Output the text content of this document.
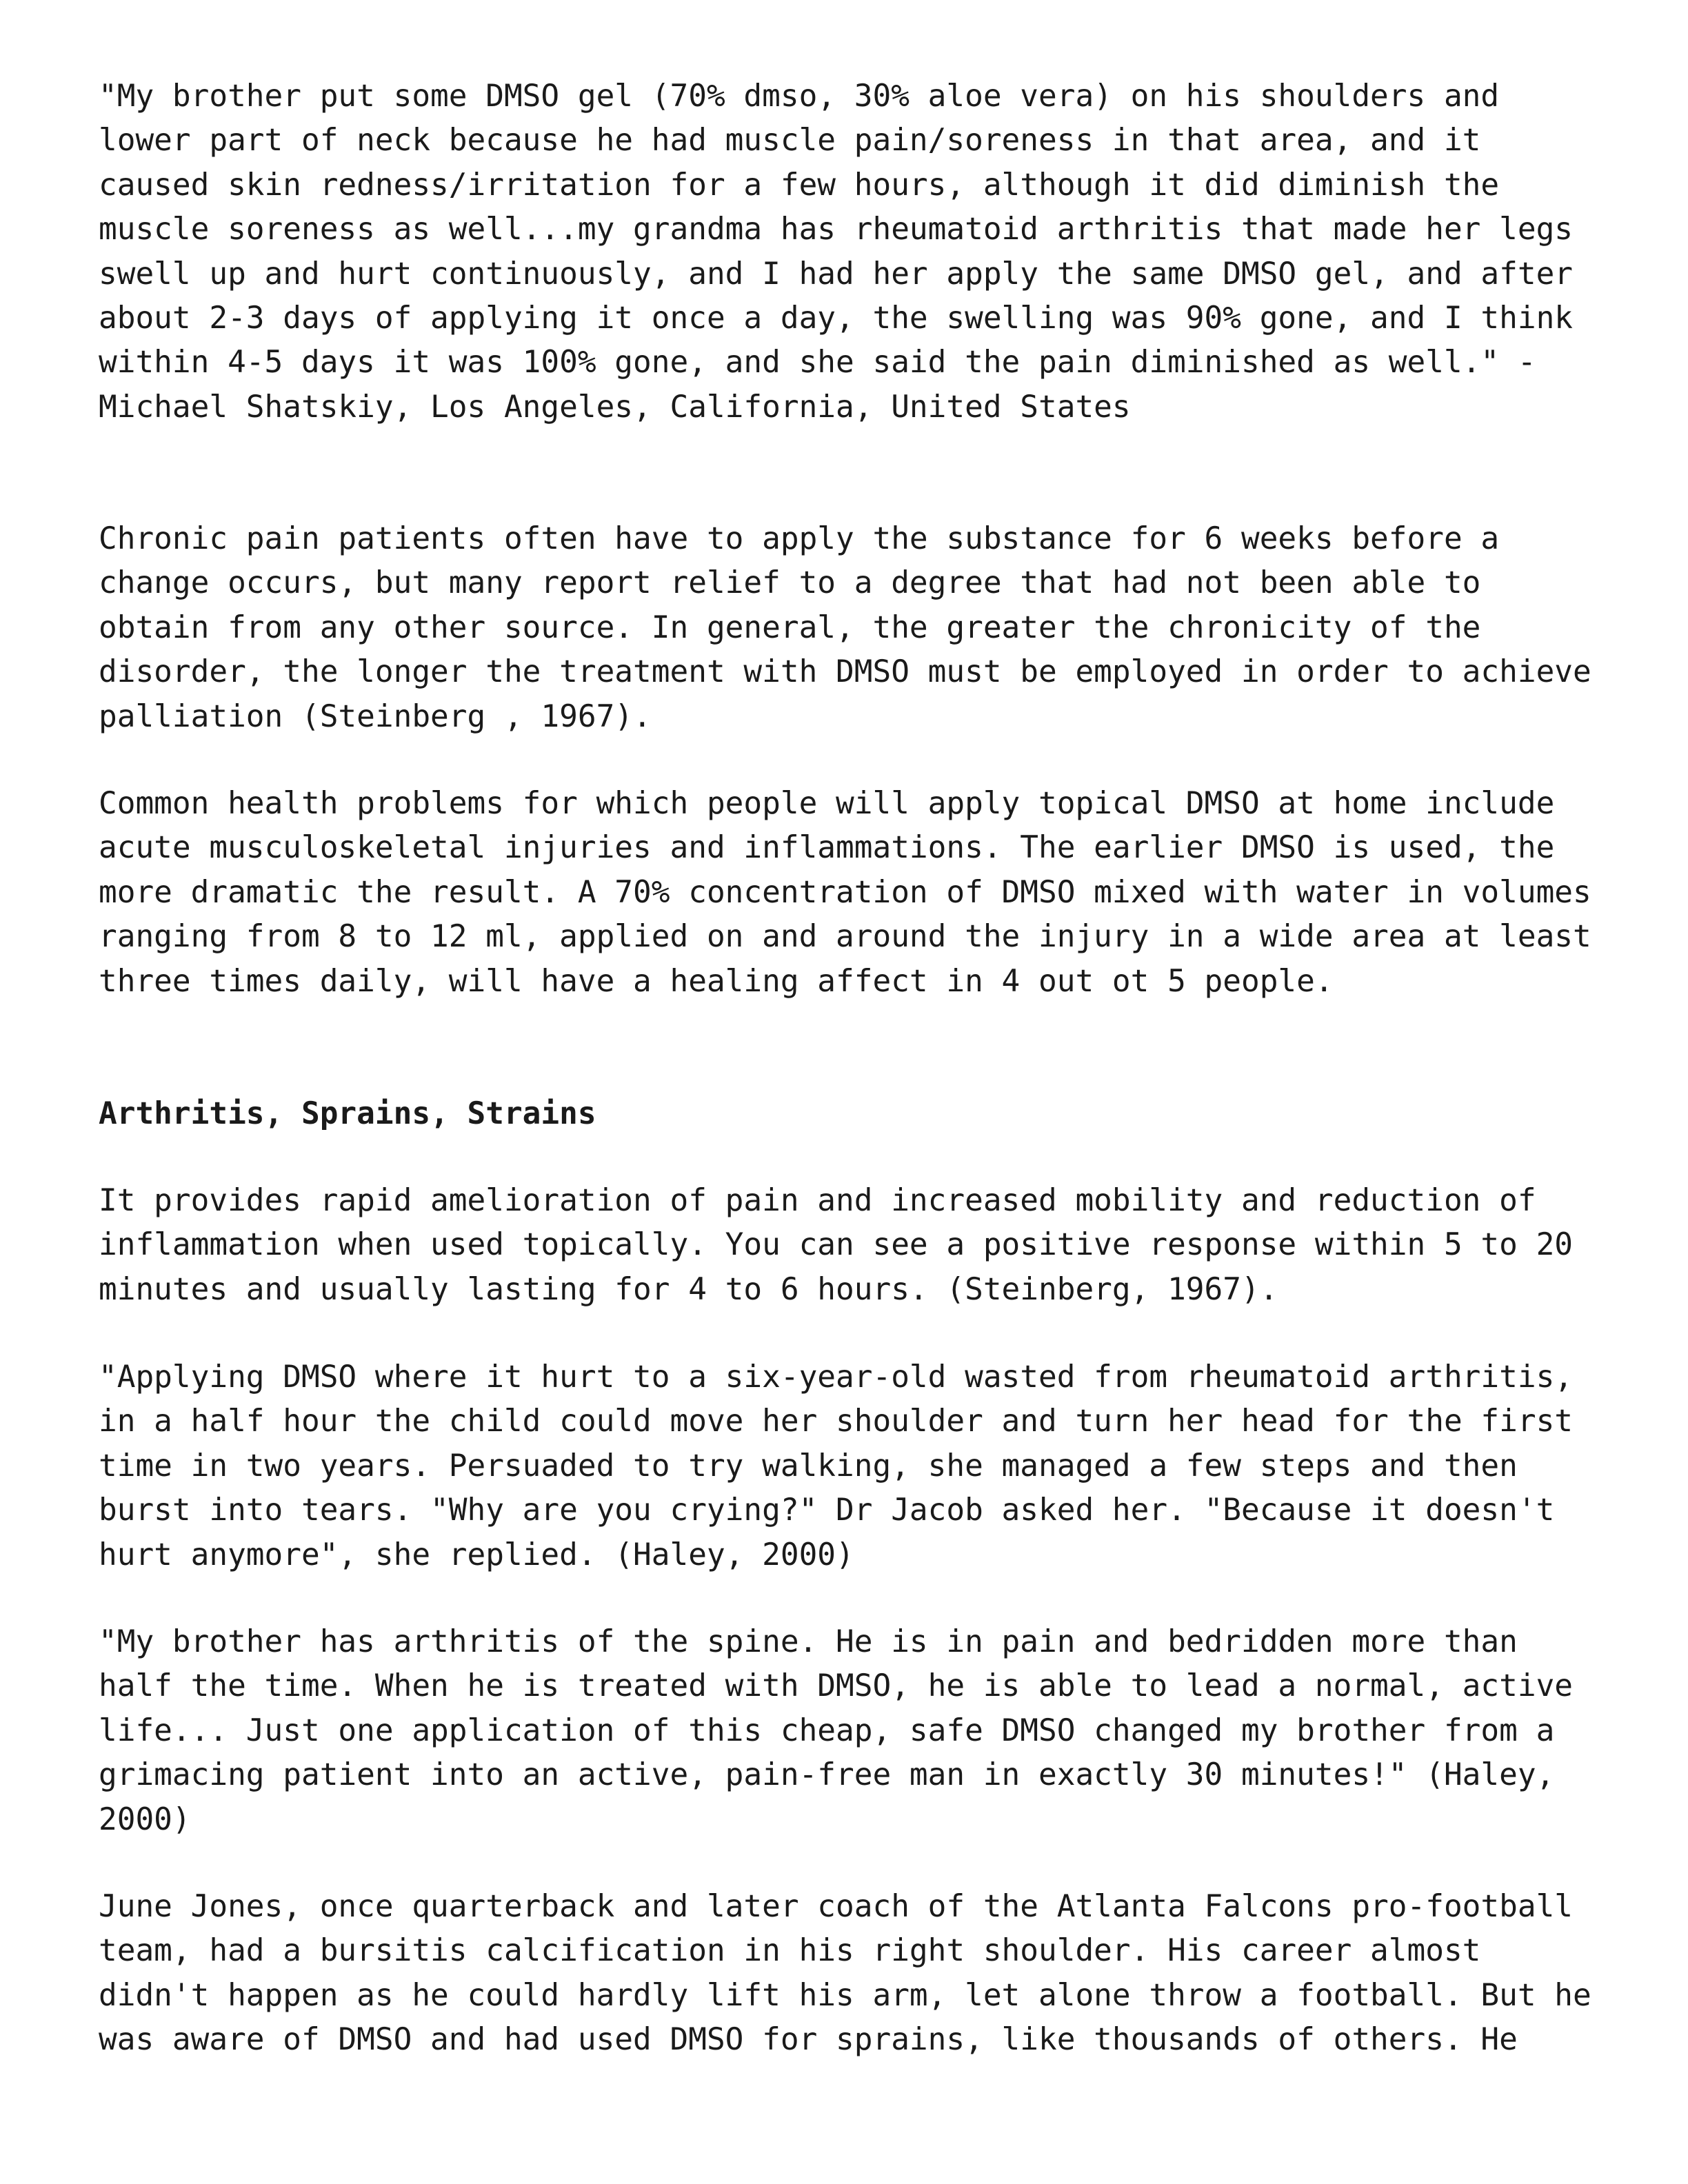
"My brother put some DMSO gel (70% dmso, 30% aloe vera) on his shoulders and
lower part of neck because he had muscle pain/soreness in that area, and it
caused skin redness/irritation for a few hours, although it did diminish the
muscle soreness as well...my grandma has rheumatoid arthritis that made her legs
swell up and hurt continuously, and I had her apply the same DMSO gel, and after
about 2-3 days of applying it once a day, the swelling was 90% gone, and I think
within 4-5 days it was 100% gone, and she said the pain diminished as well." -
Michael Shatskiy, Los Angeles, California, United States
Chronic pain patients often have to apply the substance for 6 weeks before a
change occurs, but many report relief to a degree that had not been able to
obtain from any other source. In general, the greater the chronicity of the
disorder, the longer the treatment with DMSO must be employed in order to achieve
palliation (Steinberg , 1967).
Common health problems for which people will apply topical DMSO at home include
acute musculoskeletal injuries and inflammations. The earlier DMSO is used, the
more dramatic the result. A 70% concentration of DMSO mixed with water in volumes
ranging from 8 to 12 ml, applied on and around the injury in a wide area at least
three times daily, will have a healing affect in 4 out ot 5 people.
Arthritis, Sprains, Strains
It provides rapid amelioration of pain and increased mobility and reduction of
inflammation when used topically. You can see a positive response within 5 to 20
minutes and usually lasting for 4 to 6 hours. (Steinberg, 1967).
"Applying DMSO where it hurt to a six-year-old wasted from rheumatoid arthritis,
in a half hour the child could move her shoulder and turn her head for the first
time in two years. Persuaded to try walking, she managed a few steps and then
burst into tears. "Why are you crying?" Dr Jacob asked her. "Because it doesn't
hurt anymore", she replied. (Haley, 2000)
"My brother has arthritis of the spine. He is in pain and bedridden more than
half the time. When he is treated with DMSO, he is able to lead a normal, active
life... Just one application of this cheap, safe DMSO changed my brother from a
grimacing patient into an active, pain-free man in exactly 30 minutes!" (Haley,
2000)
June Jones, once quarterback and later coach of the Atlanta Falcons pro-football
team, had a bursitis calcification in his right shoulder. His career almost
didn't happen as he could hardly lift his arm, let alone throw a football. But he
was aware of DMSO and had used DMSO for sprains, like thousands of others. He
